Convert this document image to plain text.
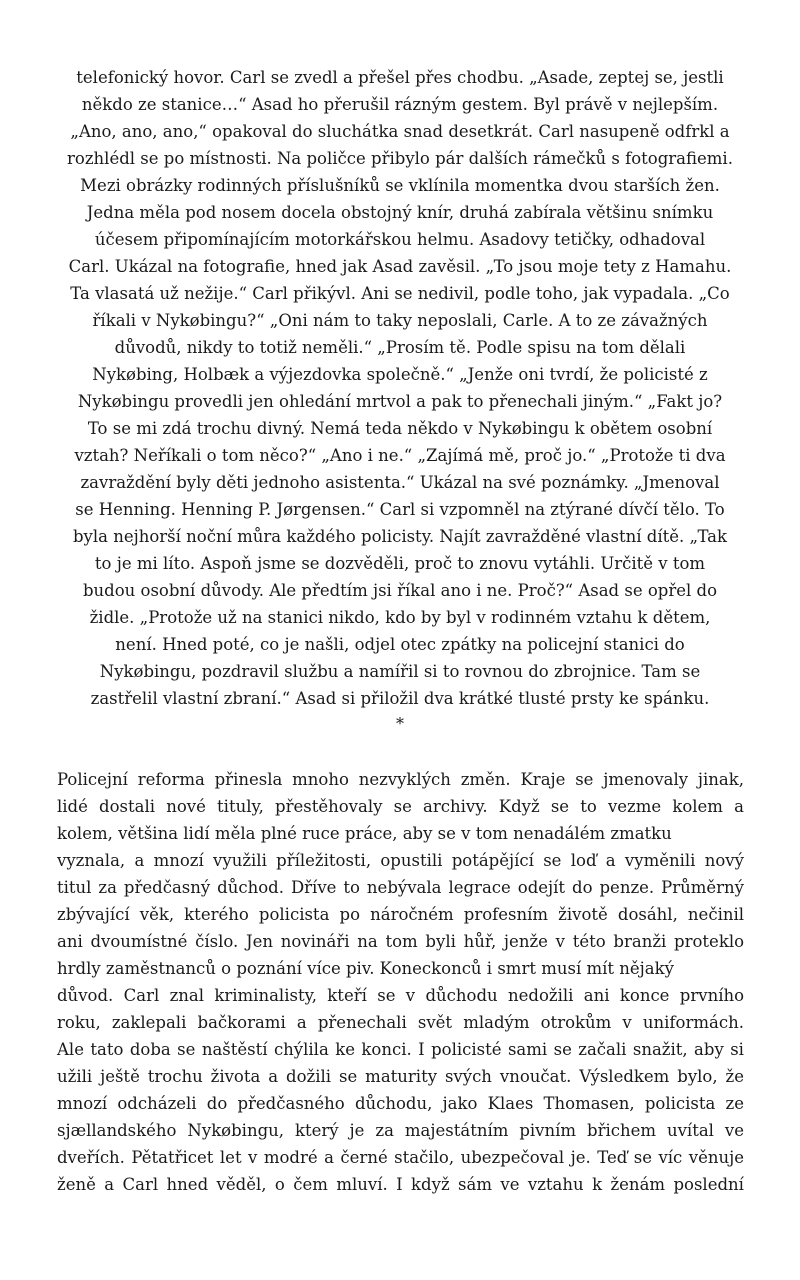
telefonický hovor. Carl se zvedl a přešel přes chodbu. „Asade, zeptej se, jestli
někdo ze stanice…“ Asad ho přerušil rázným gestem. Byl právě v nejlepším.
„Ano, ano, ano,“ opakoval do sluchátka snad desetkrát. Carl nasupeně odfrkl a
rozhlédl se po místnosti. Na poličce přibylo pár dalších rámečků s fotografiemi.
Mezi obrázky rodinných příslušníků se vklínila momentka dvou starších žen.
Jedna měla pod nosem docela obstojný knír, druhá zabírala většinu snímku
účesem připomínajícím motorkářskou helmu. Asadovy tetičky, odhadoval
Carl. Ukázal na fotografie, hned jak Asad zavěsil. „To jsou moje tety z Hamahu.
Ta vlasatá už nežije.“ Carl přikývl. Ani se nedivil, podle toho, jak vypadala. „Co
říkali v Nykøbingu?“ „Oni nám to taky neposlali, Carle. A to ze závažných
důvodů, nikdy to totiž neměli.“ „Prosím tě. Podle spisu na tom dělali
Nykøbing, Holbæk a výjezdovka společně.“ „Jenže oni tvrdí, že policisté z
Nykøbingu provedli jen ohledání mrtvol a pak to přenechali jiným.“ „Fakt jo?
To se mi zdá trochu divný. Nemá teda někdo v Nykøbingu k obětem osobní
vztah? Neříkali o tom něco?“ „Ano i ne.“ „Zajímá mě, proč jo.“ „Protože ti dva
zavraždění byly děti jednoho asistenta.“ Ukázal na své poznámky. „Jmenoval
se Henning. Henning P. Jørgensen.“ Carl si vzpomněl na ztýrané dívčí tělo. To
byla nejhorší noční můra každého policisty. Najít zavražděné vlastní dítě. „Tak
to je mi líto. Aspoň jsme se dozvěděli, proč to znovu vytáhli. Určitě v tom
budou osobní důvody. Ale předtím jsi říkal ano i ne. Proč?“ Asad se opřel do
židle. „Protože už na stanici nikdo, kdo by byl v rodinném vztahu k dětem,
není. Hned poté, co je našli, odjel otec zpátky na policejní stanici do
Nykøbingu, pozdravil službu a namířil si to rovnou do zbrojnice. Tam se
zastřelil vlastní zbraní.“ Asad si přiložil dva krátké tlusté prsty ke spánku.
*
Policejní reforma přinesla mnoho nezvyklých změn. Kraje se jmenovaly jinak,
lidé dostali nové tituly, přestěhovaly se archivy. Když se to vezme kolem a
kolem, většina lidí měla plné ruce práce, aby se v tom nenadálém zmatku
vyznala, a mnozí využili příležitosti, opustili potápějící se loď a vyměnili nový
titul za předčasný důchod. Dříve to nebývala legrace odejít do penze. Průměrný
zbývající věk, kterého policista po náročném profesním životě dosáhl, nečinil
ani dvoumístné číslo. Jen novináři na tom byli hůř, jenže v této branži proteklo
hrdly zaměstnanců o poznání více piv. Koneckonců i smrt musí mít nějaký
důvod. Carl znal kriminalisty, kteří se v důchodu nedožili ani konce prvního
roku, zaklepali bačkorami a přenechali svět mladým otrokům v uniformách.
Ale tato doba se naštěstí chýlila ke konci. I policisté sami se začali snažit, aby si
užili ještě trochu života a dožili se maturity svých vnoučat. Výsledkem bylo, že
mnozí odcházeli do předčasného důchodu, jako Klaes Thomasen, policista ze
sjællandského Nykøbingu, který je za majestátním pivním břichem uvítal ve
dveřích. Pětatřicet let v modré a černé stačilo, ubezpečoval je. Teď se víc věnuje
ženě a Carl hned věděl, o čem mluví. I když sám ve vztahu k ženám poslední
